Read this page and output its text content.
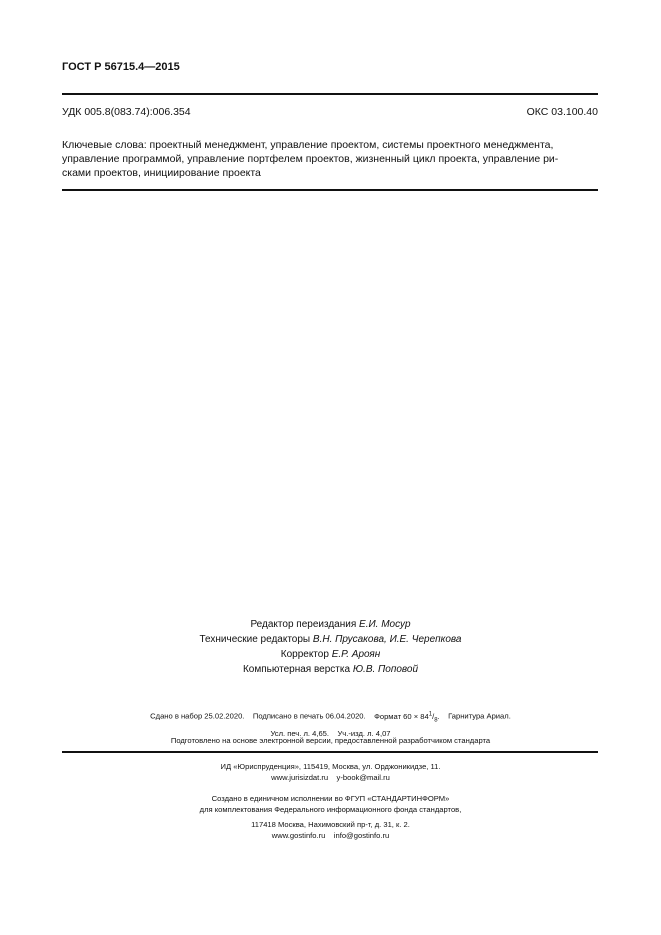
ГОСТ Р 56715.4—2015
УДК 005.8(083.74):006.354	ОКС 03.100.40
Ключевые слова: проектный менеджмент, управление проектом, системы проектного менеджмента,
управление программой, управление портфелем проектов, жизненный цикл проекта, управление ри-
сками проектов, инициирование проекта
Редактор переиздания Е.И. Мосур
Технические редакторы В.Н. Прусакова, И.Е. Черепкова
Корректор Е.Р. Ароян
Компьютерная верстка Ю.В. Поповой
Сдано в набор 25.02.2020. Подписано в печать 06.04.2020. Формат $60 \times 84^1/_8$. Гарнитура Ариал.
Усл. печ. л. 4,65. Уч.-изд. л. 4,07
Подготовлено на основе электронной версии, предоставленной разработчиком стандарта
ИД «Юриспруденция», 115419, Москва, ул. Орджоникидзе, 11.
www.jurisizdat.ru    y-book@mail.ru
Создано в единичном исполнении во ФГУП «СТАНДАРТИНФОРМ»
для комплектования Федерального информационного фонда стандартов,
117418 Москва, Нахимовский пр-т, д. 31, к. 2.
www.gostinfo.ru    info@gostinfo.ru
